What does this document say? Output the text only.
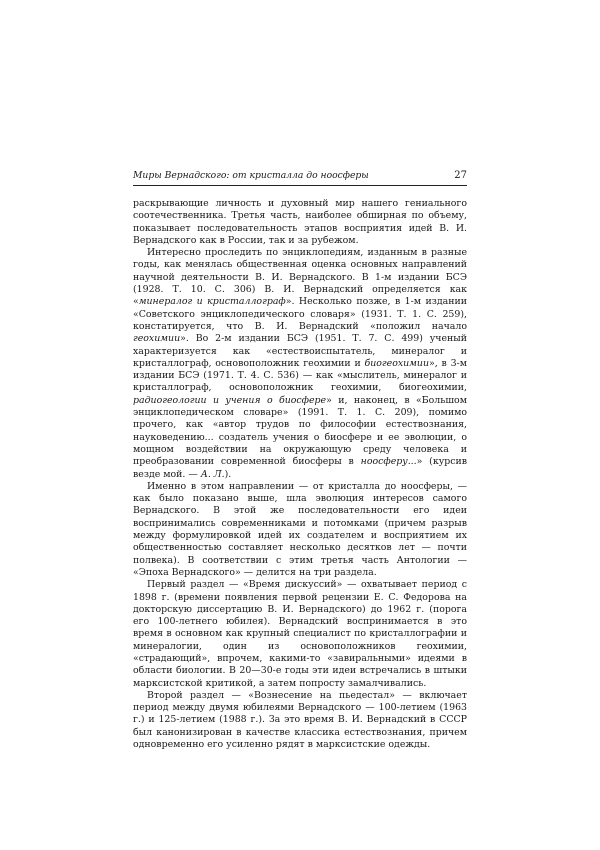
Миры Вернадского: от кристалла до ноосферы	27

раскрывающие личность и духовный мир нашего гениального соотечественника. Третья часть, наиболее обширная по объему, показывает последовательность этапов восприятия идей В. И. Вернадского как в России, так и за рубежом.

Интересно проследить по энциклопедиям, изданным в разные годы, как менялась общественная оценка основных направлений научной деятельности В. И. Вернадского. В 1-м издании БСЭ (1928. Т. 10. С. 306) В. И. Вернадский определяется как «минералог и кристаллограф». Несколько позже, в 1-м издании «Советского энциклопедического словаря» (1931. Т. 1. С. 259), констатируется, что В. И. Вернадский «положил начало геохимии». Во 2-м издании БСЭ (1951. Т. 7. С. 499) ученый характеризуется как «естествоиспытатель, минералог и кристаллограф, основоположник геохимии и биогеохимии», в 3-м издании БСЭ (1971. Т. 4. С. 536) — как «мыслитель, минералог и кристаллограф, основоположник геохимии, биогеохимии, радиогеологии и учения о биосфере» и, наконец, в «Большом энциклопедическом словаре» (1991. Т. 1. С. 209), помимо прочего, как «автор трудов по философии естествознания, науковедению... создатель учения о биосфере и ее эволюции, о мощном воздействии на окружающую среду человека и преобразовании современной биосферы в ноосферу...» (курсив везде мой. — А. Л.).

Именно в этом направлении — от кристалла до ноосферы, — как было показано выше, шла эволюция интересов самого Вернадского. В этой же последовательности его идеи воспринимались современниками и потомками (причем разрыв между формулировкой идей их создателем и восприятием их общественностью составляет несколько десятков лет — почти полвека). В соответствии с этим третья часть Антологии — «Эпоха Вернадского» — делится на три раздела.

Первый раздел — «Время дискуссий» — охватывает период с 1898 г. (времени появления первой рецензии Е. С. Федорова на докторскую диссертацию В. И. Вернадского) до 1962 г. (порога его 100-летнего юбилея). Вернадский воспринимается в это время в основном как крупный специалист по кристаллографии и минералогии, один из основоположников геохимии, «страдающий», впрочем, какими-то «завиральными» идеями в области биологии. В 20—30-е годы эти идеи встречались в штыки марксистской критикой, а затем попросту замалчивались.

Второй раздел — «Вознесение на пьедестал» — включает период между двумя юбилеями Вернадского — 100-летием (1963 г.) и 125-летием (1988 г.). За это время В. И. Вернадский в СССР был канонизирован в качестве классика естествознания, причем одновременно его усиленно рядят в марксистские одежды.
